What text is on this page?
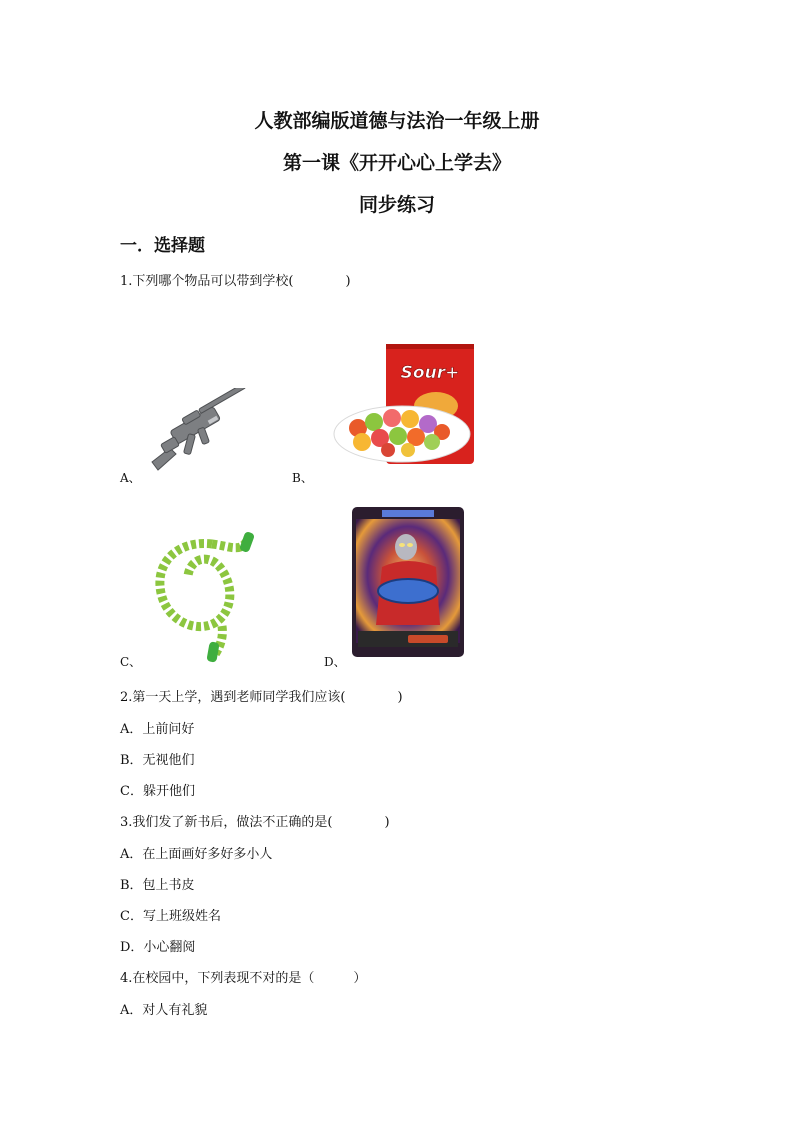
人教部编版道德与法治一年级上册
第一课《开开心心上学去》
同步练习
一．选择题
1.下列哪个物品可以带到学校(　　　　)
A、	B、
Sour+
C、	D、
2.第一天上学，遇到老师同学我们应该(　　　　)
A．上前问好
B．无视他们
C．躲开他们
3.我们发了新书后，做法不正确的是(　　　　)
A．在上面画好多好多小人
B．包上书皮
C．写上班级姓名
D．小心翻阅
4.在校园中，下列表现不对的是（　　　）
A．对人有礼貌
